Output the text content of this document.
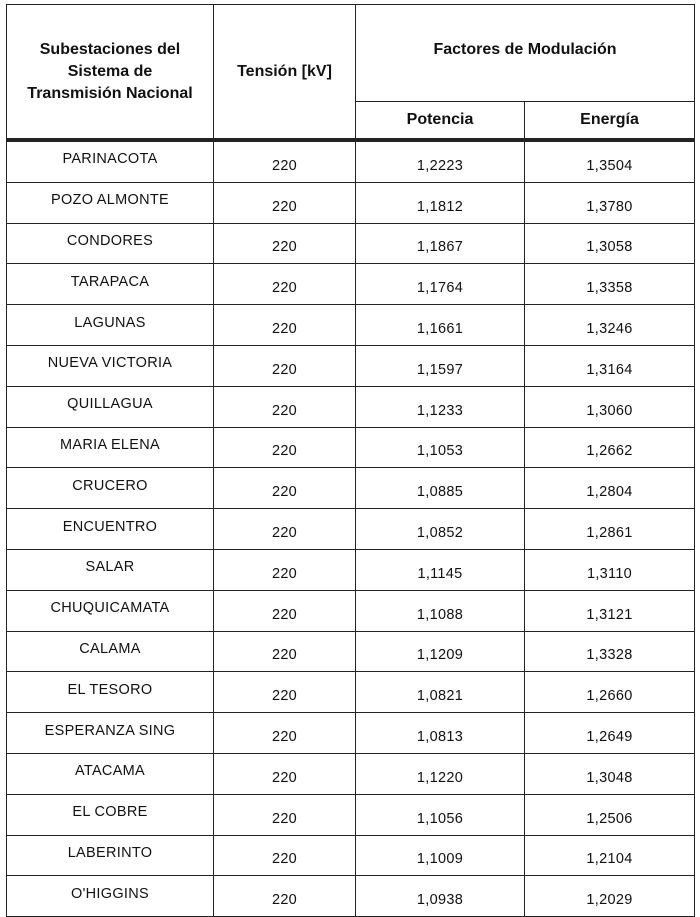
Subestaciones del Sistema de Transmisión Nacional	Tensión [kV]	Factores de Modulación	
		Potencia	Energía
PARINACOTA	220	1,2223	1,3504
POZO ALMONTE	220	1,1812	1,3780
CONDORES	220	1,1867	1,3058
TARAPACA	220	1,1764	1,3358
LAGUNAS	220	1,1661	1,3246
NUEVA VICTORIA	220	1,1597	1,3164
QUILLAGUA	220	1,1233	1,3060
MARIA ELENA	220	1,1053	1,2662
CRUCERO	220	1,0885	1,2804
ENCUENTRO	220	1,0852	1,2861
SALAR	220	1,1145	1,3110
CHUQUICAMATA	220	1,1088	1,3121
CALAMA	220	1,1209	1,3328
EL TESORO	220	1,0821	1,2660
ESPERANZA SING	220	1,0813	1,2649
ATACAMA	220	1,1220	1,3048
EL COBRE	220	1,1056	1,2506
LABERINTO	220	1,1009	1,2104
O'HIGGINS	220	1,0938	1,2029
